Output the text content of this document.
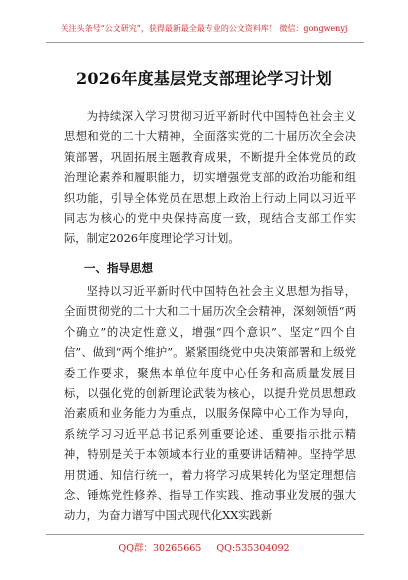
关注头条号“公文研究”，获得最新最全最专业的公文资料库！ 微信：gongwenyj
2026年度基层党支部理论学习计划

为持续深入学习贯彻习近平新时代中国特色社会主义思想和党的二十大精神，全面落实党的二十届历次全会决策部署，巩固拓展主题教育成果，不断提升全体党员的政治理论素养和履职能力，切实增强党支部的政治功能和组织功能，引导全体党员在思想上政治上行动上同以习近平同志为核心的党中央保持高度一致，现结合支部工作实际，制定2026年度理论学习计划。

一、指导思想

坚持以习近平新时代中国特色社会主义思想为指导，全面贯彻党的二十大和二十届历次全会精神，深刻领悟“两个确立”的决定性意义，增强“四个意识”、坚定“四个自信”、做到“两个维护”。紧紧围绕党中央决策部署和上级党委工作要求，聚焦本单位年度中心任务和高质量发展目标，以强化党的创新理论武装为核心，以提升党员思想政治素质和业务能力为重点，以服务保障中心工作为导向，系统学习习近平总书记系列重要论述、重要指示批示精神，特别是关于本领域本行业的重要讲话精神。坚持学思用贯通、知信行统一，着力将学习成果转化为坚定理想信念、锤炼党性修养、指导工作实践、推动事业发展的强大动力，为奋力谱写中国式现代化XX实践新

QQ群：30265665 QQ:535304092
